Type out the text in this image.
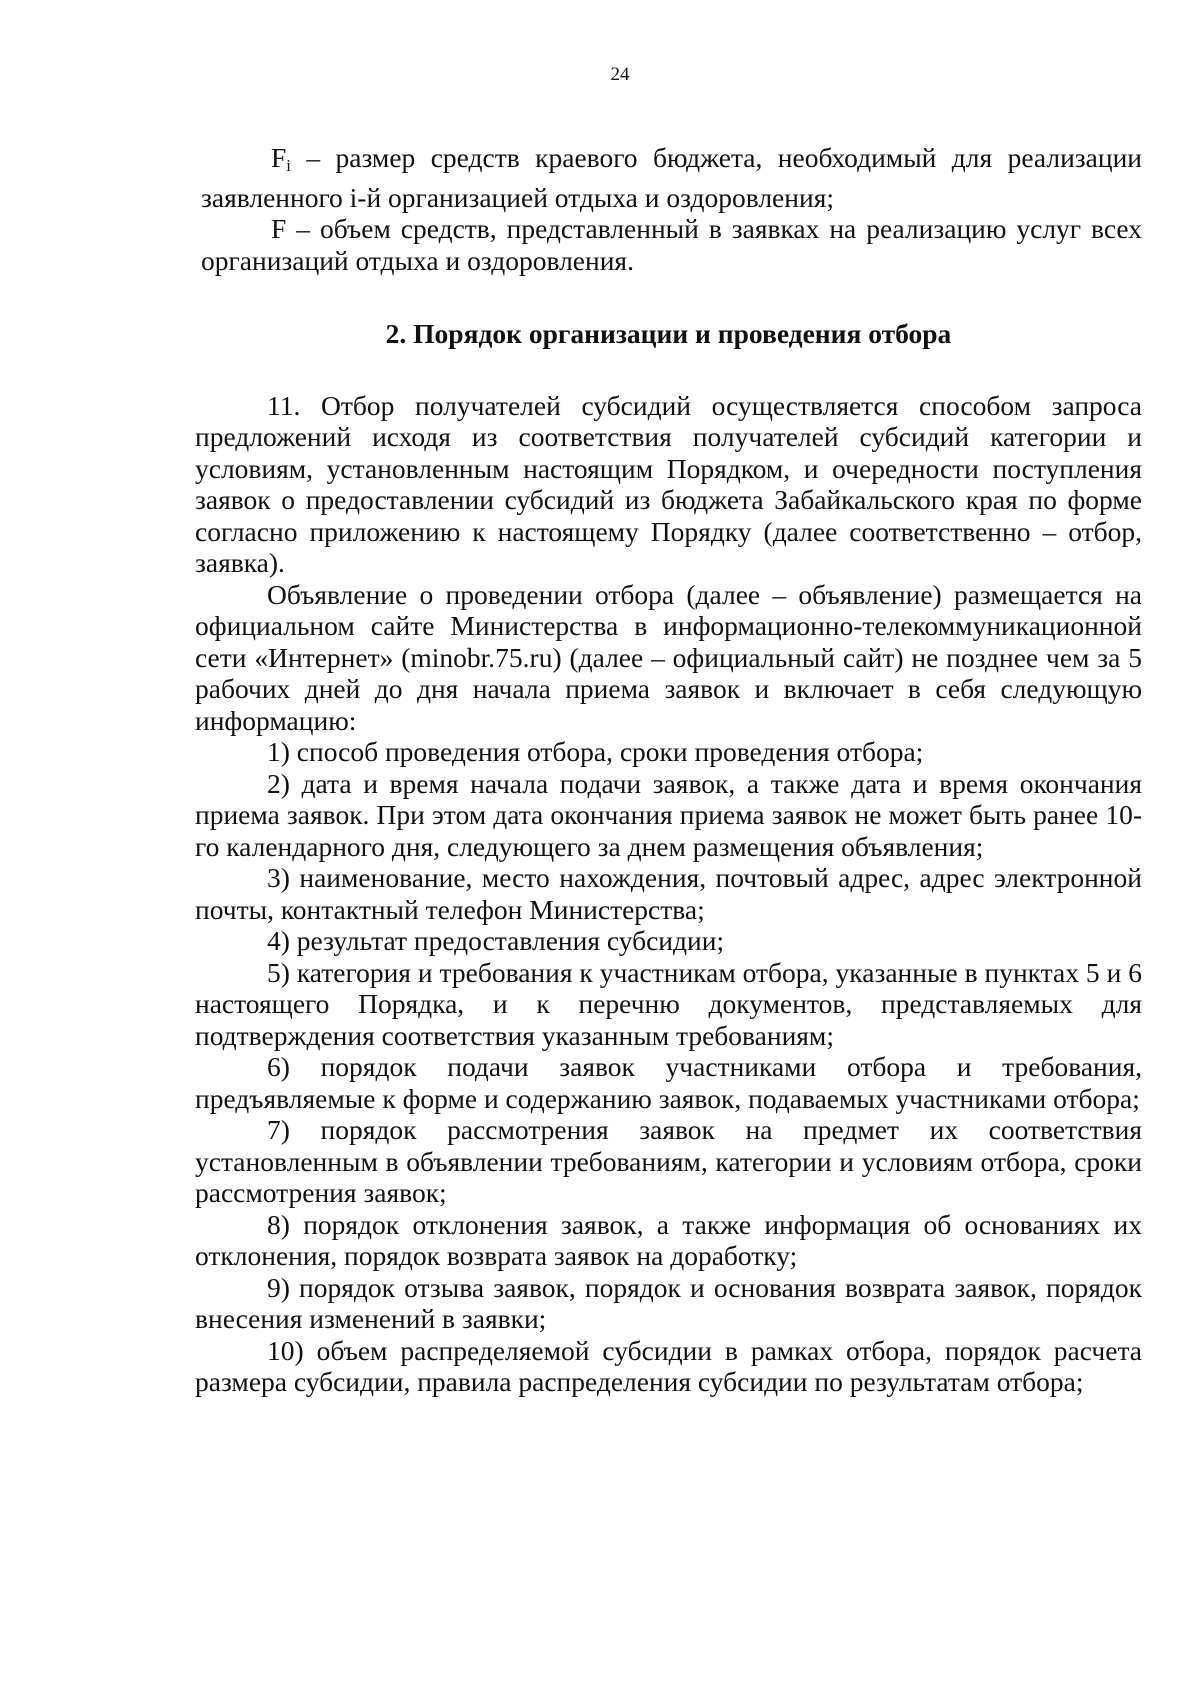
24

Fi – размер средств краевого бюджета, необходимый для реализации заявленного i-й организацией отдыха и оздоровления;

F – объем средств, представленный в заявках на реализацию услуг всех организаций отдыха и оздоровления.

2. Порядок организации и проведения отбора

11. Отбор получателей субсидий осуществляется способом запроса предложений исходя из соответствия получателей субсидий категории и условиям, установленным настоящим Порядком, и очередности поступления заявок о предоставлении субсидий из бюджета Забайкальского края по форме согласно приложению к настоящему Порядку (далее соответственно – отбор, заявка).

Объявление о проведении отбора (далее – объявление) размещается на официальном сайте Министерства в информационно-телекоммуникационной сети «Интернет» (minobr.75.ru) (далее – официальный сайт) не позднее чем за 5 рабочих дней до дня начала приема заявок и включает в себя следующую информацию:

1) способ проведения отбора, сроки проведения отбора;

2) дата и время начала подачи заявок, а также дата и время окончания приема заявок. При этом дата окончания приема заявок не может быть ранее 10-го календарного дня, следующего за днем размещения объявления;

3) наименование, место нахождения, почтовый адрес, адрес электронной почты, контактный телефон Министерства;

4) результат предоставления субсидии;

5) категория и требования к участникам отбора, указанные в пунктах 5 и 6 настоящего Порядка, и к перечню документов, представляемых для подтверждения соответствия указанным требованиям;

6) порядок подачи заявок участниками отбора и требования, предъявляемые к форме и содержанию заявок, подаваемых участниками отбора;

7) порядок рассмотрения заявок на предмет их соответствия установленным в объявлении требованиям, категории и условиям отбора, сроки рассмотрения заявок;

8) порядок отклонения заявок, а также информация об основаниях их отклонения, порядок возврата заявок на доработку;

9) порядок отзыва заявок, порядок и основания возврата заявок, порядок внесения изменений в заявки;

10) объем распределяемой субсидии в рамках отбора, порядок расчета размера субсидии, правила распределения субсидии по результатам отбора;
